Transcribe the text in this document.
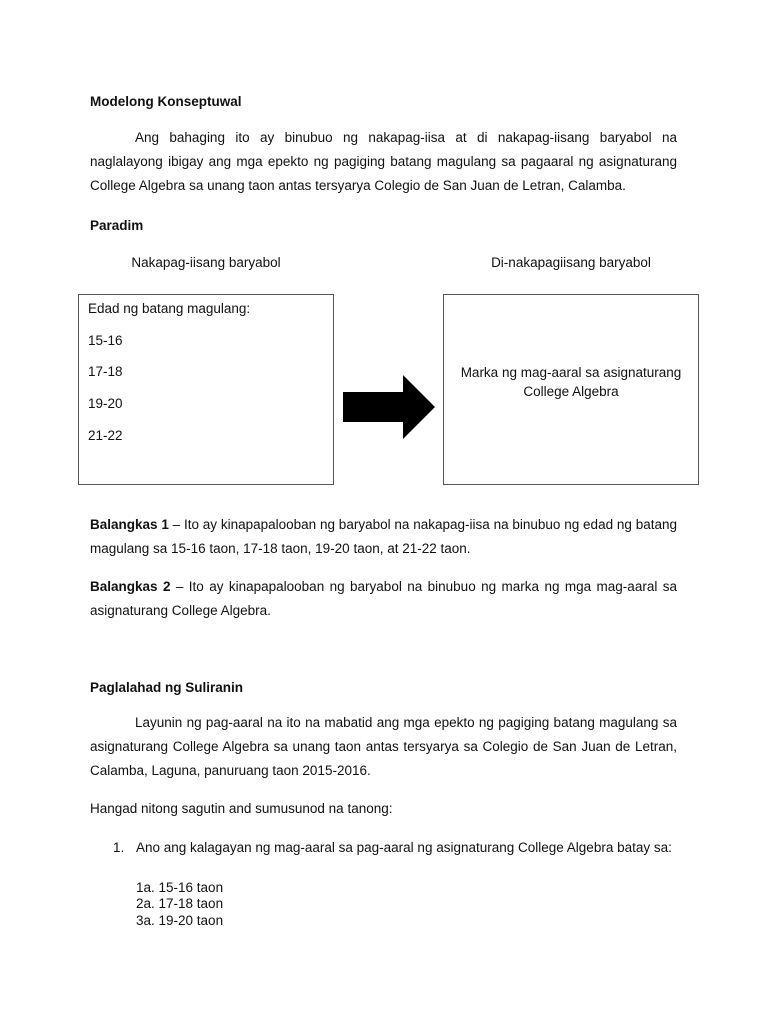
Modelong Konseptuwal

Ang bahaging ito ay binubuo ng nakapag-iisa at di nakapag-iisang baryabol na naglalayong ibigay ang mga epekto ng pagiging batang magulang sa pagaaral ng asignaturang College Algebra sa unang taon antas tersyarya Colegio de San Juan de Letran, Calamba.

Paradim
Nakapag-iisang baryabol	Di-nakapagiisang baryabol
Edad ng batang magulang:
15-16
17-18
19-20
21-22
Marka ng mag-aaral sa asignaturang
College Algebra

Balangkas 1 – Ito ay kinapapalooban ng baryabol na nakapag-iisa na binubuo ng edad ng batang magulang sa 15-16 taon, 17-18 taon, 19-20 taon, at 21-22 taon.

Balangkas 2 – Ito ay kinapapalooban ng baryabol na binubuo ng marka ng mga mag-aaral sa asignaturang College Algebra.

Paglalahad ng Suliranin

Layunin ng pag-aaral na ito na mabatid ang mga epekto ng pagiging batang magulang sa asignaturang College Algebra sa unang taon antas tersyarya sa Colegio de San Juan de Letran, Calamba, Laguna, panuruang taon 2015-2016.

Hangad nitong sagutin and sumusunod na tanong:
1. Ano ang kalagayan ng mag-aaral sa pag-aaral ng asignaturang College Algebra batay sa:
1a. 15-16 taon
2a. 17-18 taon
3a. 19-20 taon
